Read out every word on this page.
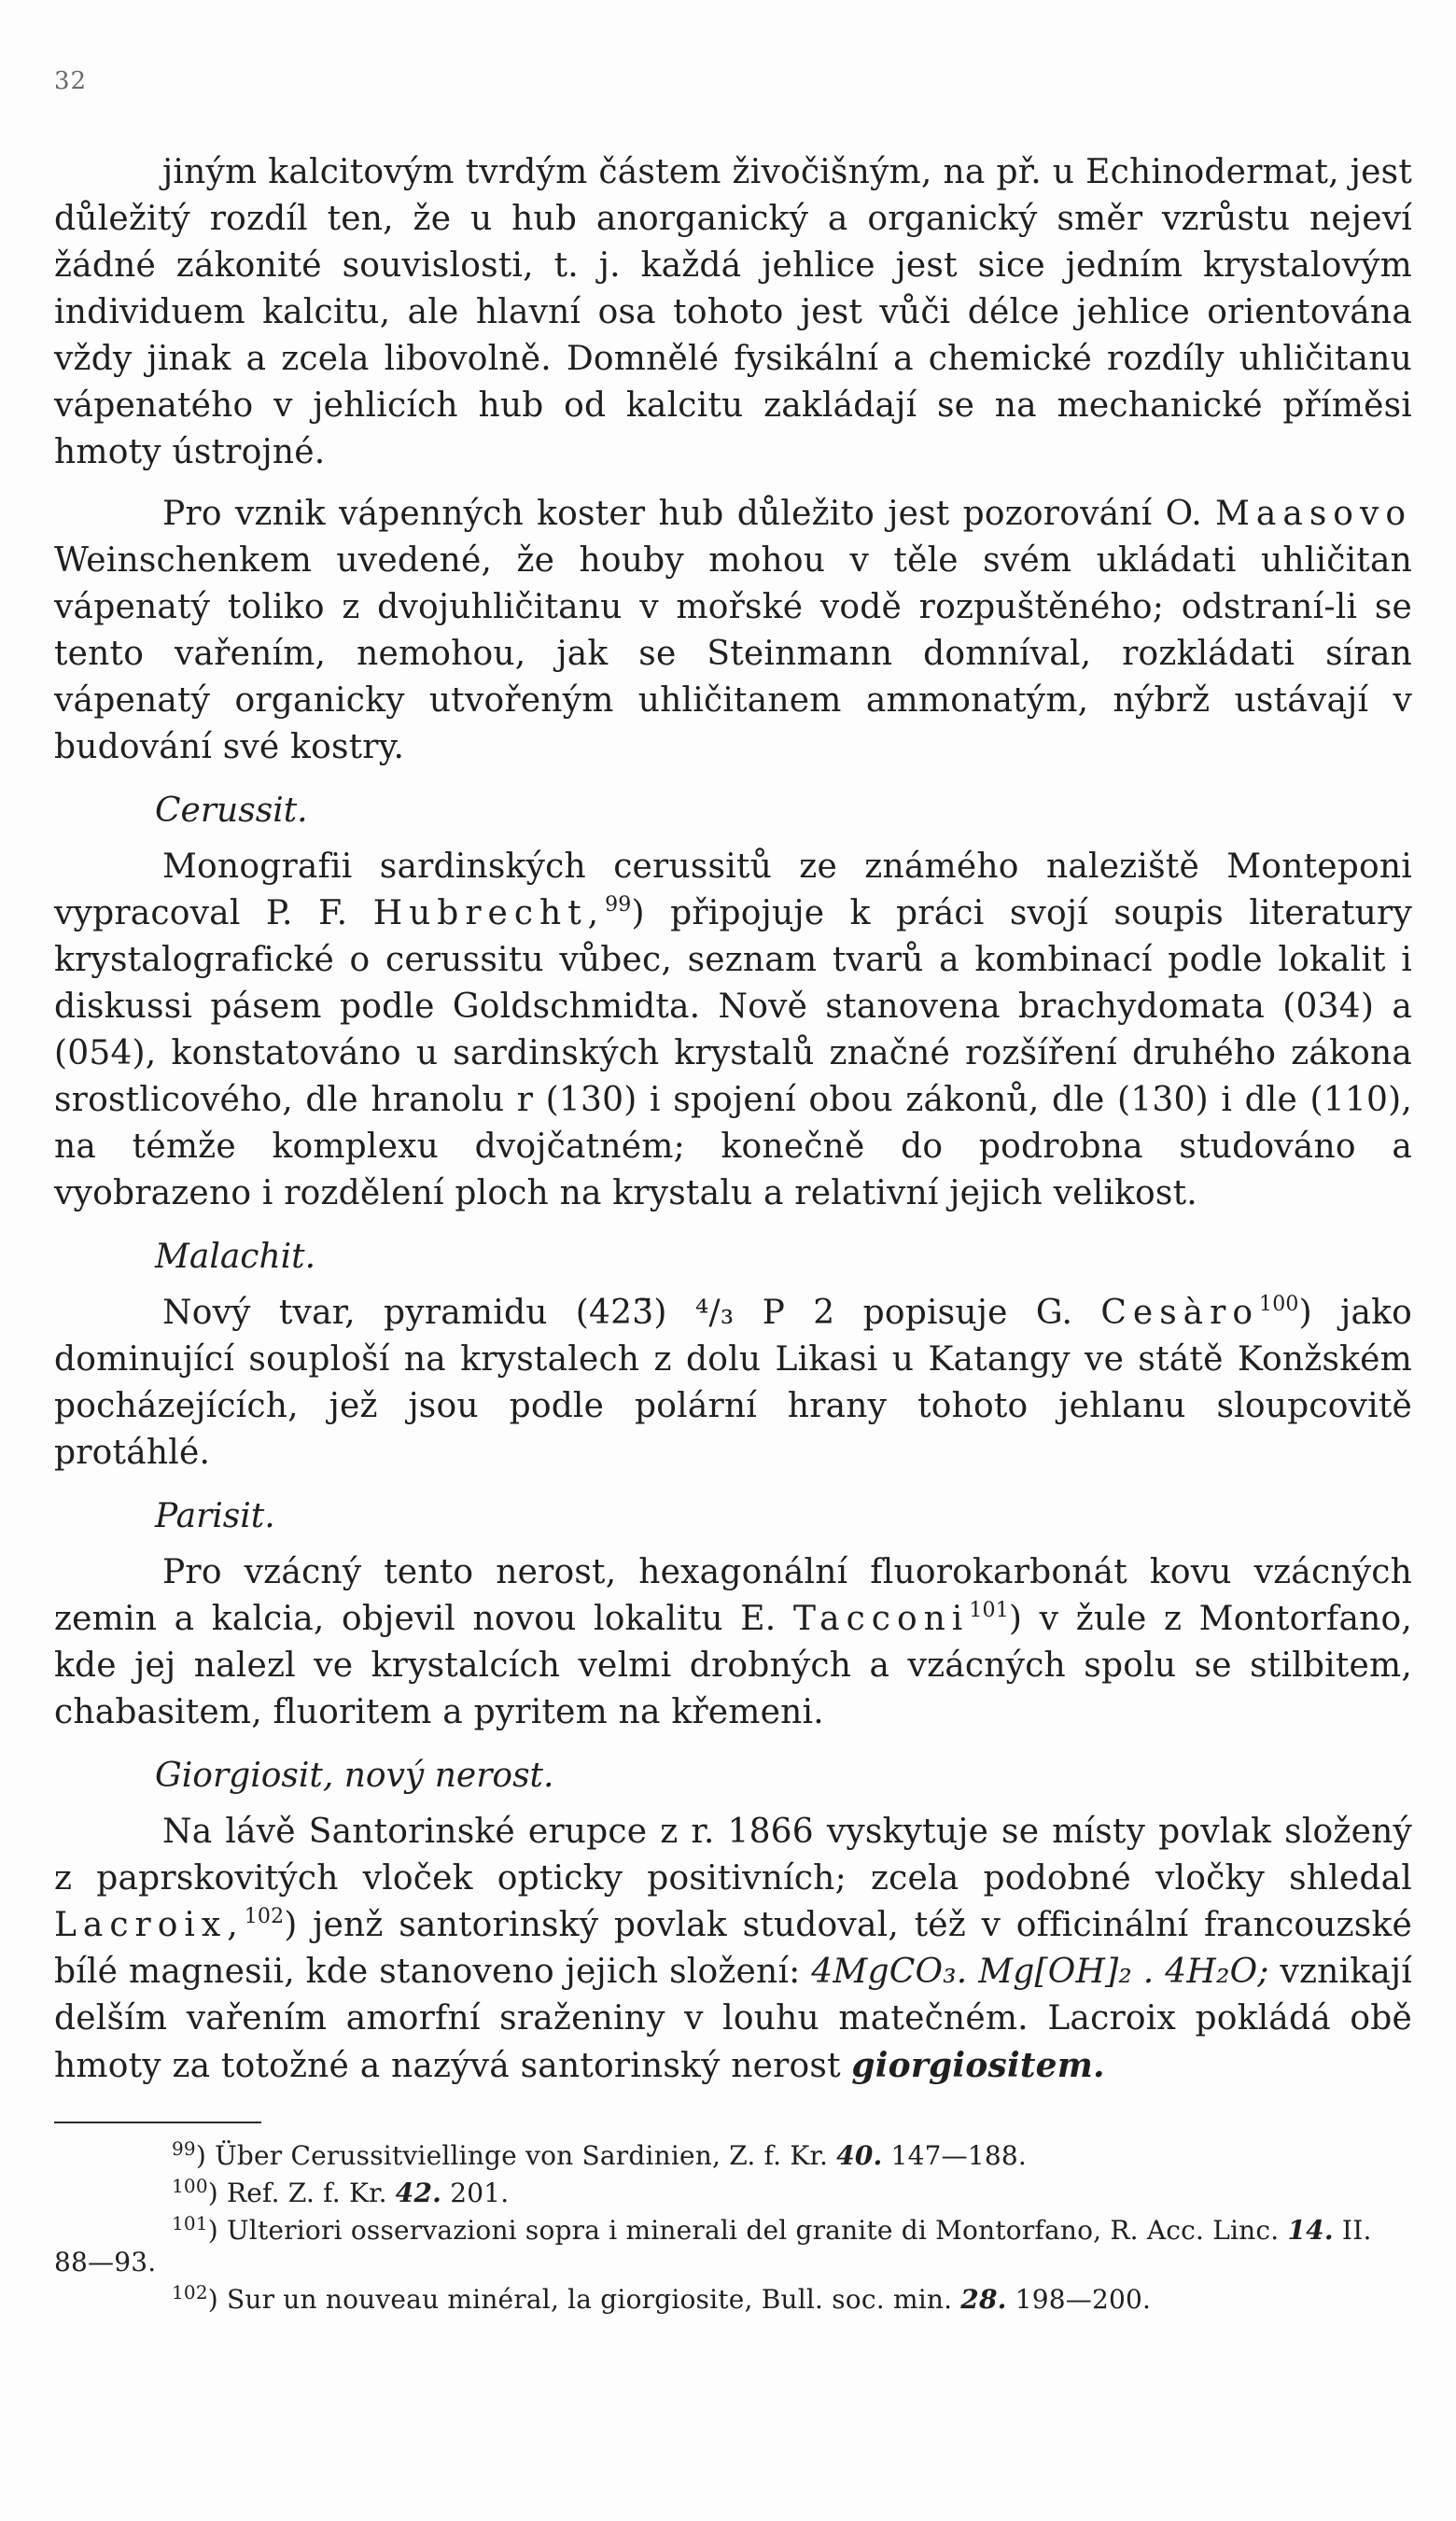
32

jiným kalcitovým tvrdým částem živočišným, na př. u Echinodermat, jest důležitý rozdíl ten, že u hub anorganický a organický směr vzrůstu nejeví žádné zákonité souvislosti, t. j. každá jehlice jest sice jedním krystalovým individuem kalcitu, ale hlavní osa tohoto jest vůči délce jehlice orientována vždy jinak a zcela libovolně. Domnělé fysikální a chemické rozdíly uhličitanu vápenatého v jehlicích hub od kalcitu zakládají se na mechanické příměsi hmoty ústrojné.

Pro vznik vápenných koster hub důležito jest pozorování O. Maasovo Weinschenkem uvedené, že houby mohou v těle svém ukládati uhličitan vápenatý toliko z dvojuhličitanu v mořské vodě rozpuštěného; odstraní-li se tento vařením, nemohou, jak se Steinmann domníval, rozkládati síran vápenatý organicky utvořeným uhličitanem ammonatým, nýbrž ustávají v budování své kostry.

Cerussit.

Monografii sardinských cerussitů ze známého naleziště Monteponi vypracoval P. F. Hubrecht,$^{99}$) připojuje k práci svojí soupis literatury krystalografické o cerussitu vůbec, seznam tvarů a kombinací podle lokalit i diskussi pásem podle Goldschmidta. Nově stanovena brachydomata (034) a (054), konstatováno u sardinských krystalů značné rozšíření druhého zákona srostlicového, dle hranolu r (130) i spojení obou zákonů, dle (130) i dle (110), na témže komplexu dvojčatném; konečně do podrobna studováno a vyobrazeno i rozdělení ploch na krystalu a relativní jejich velikost.

Malachit.

Nový tvar, pyramidu (423̄) ⁴/₃ P 2 popisuje G. Cesàro$^{100}$) jako dominující souploší na krystalech z dolu Likasi u Katangy ve státě Konžském pocházejících, jež jsou podle polární hrany tohoto jehlanu sloupcovitě protáhlé.

Parisit.

Pro vzácný tento nerost, hexagonální fluorokarbonát kovu vzácných zemin a kalcia, objevil novou lokalitu E. Tacconi$^{101}$) v žule z Montorfano, kde jej nalezl ve krystalcích velmi drobných a vzácných spolu se stilbitem, chabasitem, fluoritem a pyritem na křemeni.

Giorgiosit, nový nerost.

Na lávě Santorinské erupce z r. 1866 vyskytuje se místy povlak složený z paprskovitých vloček opticky positivních; zcela podobné vločky shledal Lacroix,$^{102}$) jenž santorinský povlak studoval, též v officinální francouzské bílé magnesii, kde stanoveno jejich složení: 4MgCO₃. Mg[OH]₂ . 4H₂O; vznikají delším vařením amorfní sraženiny v louhu matečném. Lacroix pokládá obě hmoty za totožné a nazývá santorinský nerost giorgiositem.

$^{99}$) Über Cerussitviellinge von Sardinien, Z. f. Kr. 40. 147—188.

$^{100}$) Ref. Z. f. Kr. 42. 201.

$^{101}$) Ulteriori osservazioni sopra i minerali del granite di Montorfano, R. Acc. Linc. 14. II. 88—93.

$^{102}$) Sur un nouveau minéral, la giorgiosite, Bull. soc. min. 28. 198—200.
